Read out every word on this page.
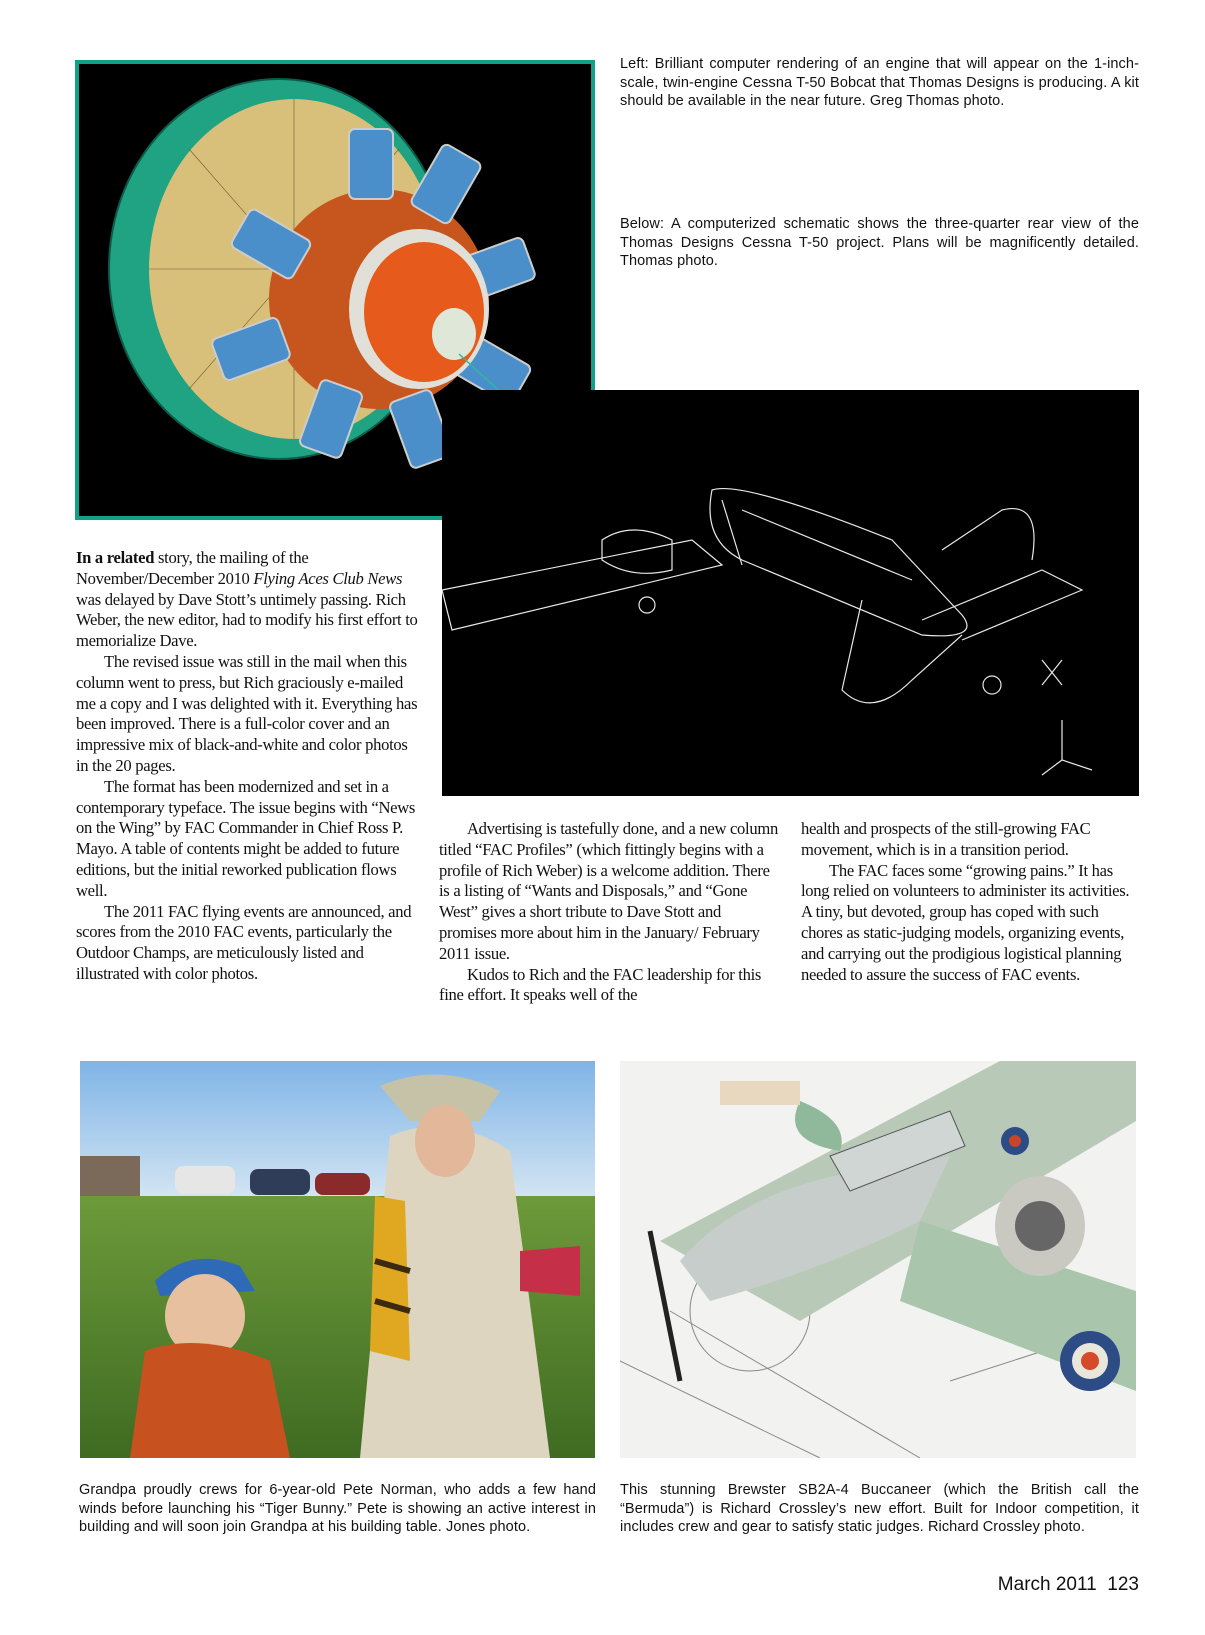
Left: Brilliant computer rendering of an engine that will appear on the 1-inch-scale, twin-engine Cessna T-50 Bobcat that Thomas Designs is producing. A kit should be available in the near future. Greg Thomas photo.
Below: A computerized schematic shows the three-quarter rear view of the Thomas Designs Cessna T-50 project. Plans will be magnificently detailed. Thomas photo.

In a related story, the mailing of the November/December 2010 Flying Aces Club News was delayed by Dave Stott’s untimely passing. Rich Weber, the new editor, had to modify his first effort to memorialize Dave.

The revised issue was still in the mail when this column went to press, but Rich graciously e-mailed me a copy and I was delighted with it. Everything has been improved. There is a full-color cover and an impressive mix of black-and-white and color photos in the 20 pages.

The format has been modernized and set in a contemporary typeface. The issue begins with “News on the Wing” by FAC Commander in Chief Ross P. Mayo. A table of contents might be added to future editions, but the initial reworked publication flows well.

The 2011 FAC flying events are announced, and scores from the 2010 FAC events, particularly the Outdoor Champs, are meticulously listed and illustrated with color photos.

Advertising is tastefully done, and a new column titled “FAC Profiles” (which fittingly begins with a profile of Rich Weber) is a welcome addition. There is a listing of “Wants and Disposals,” and “Gone West” gives a short tribute to Dave Stott and promises more about him in the January/ February 2011 issue.

Kudos to Rich and the FAC leadership for this fine effort. It speaks well of the

health and prospects of the still-growing FAC movement, which is in a transition period.

The FAC faces some “growing pains.” It has long relied on volunteers to administer its activities. A tiny, but devoted, group has coped with such chores as static-judging models, organizing events, and carrying out the prodigious logistical planning needed to assure the success of FAC events.

Grandpa proudly crews for 6-year-old Pete Norman, who adds a few hand winds before launching his “Tiger Bunny.” Pete is showing an active interest in building and will soon join Grandpa at his building table. Jones photo.
This stunning Brewster SB2A-4 Buccaneer (which the British call the “Bermuda”) is Richard Crossley’s new effort. Built for Indoor competition, it includes crew and gear to satisfy static judges. Richard Crossley photo.
March 2011 123
